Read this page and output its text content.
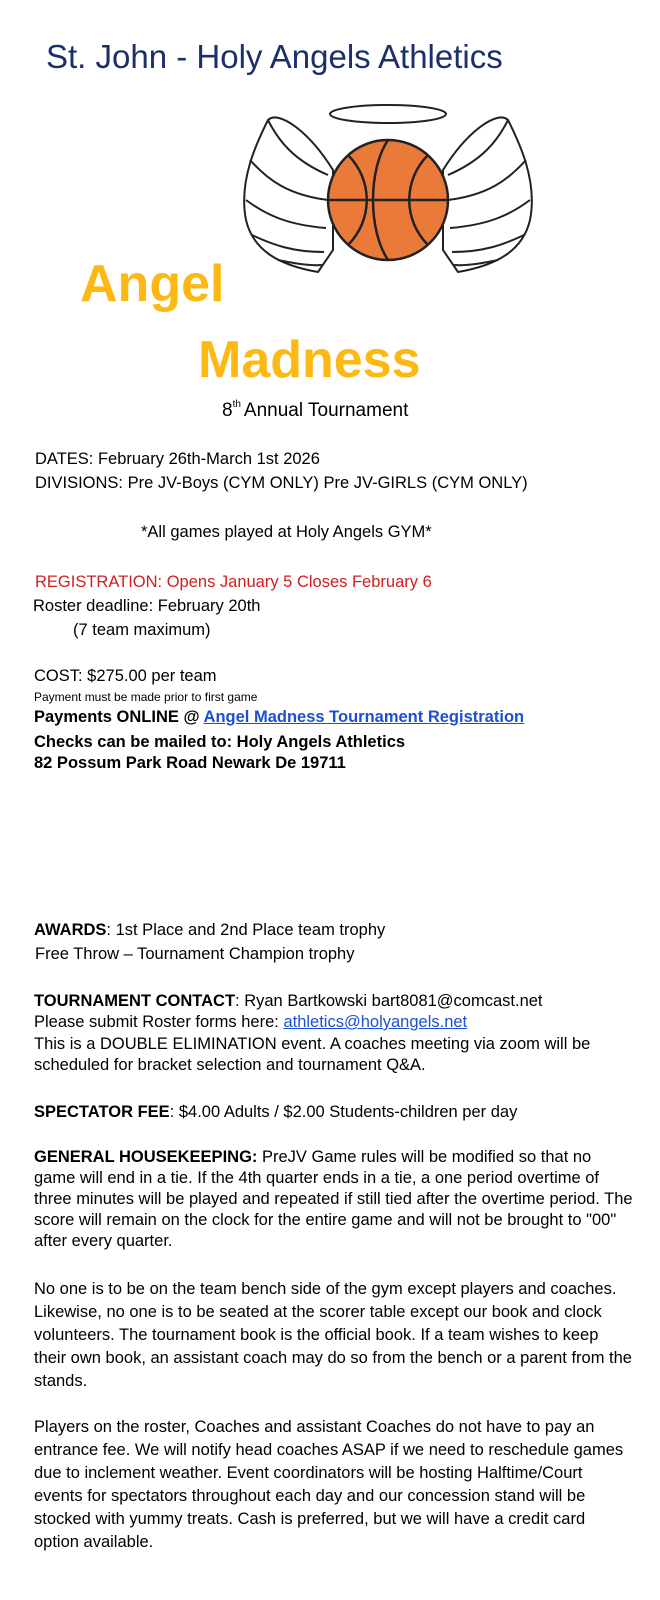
St. John - Holy Angels Athletics
Angel
Madness
8th Annual Tournament
DATES: February 26th-March 1st 2026
DIVISIONS: Pre JV-Boys (CYM ONLY) Pre JV-GIRLS (CYM ONLY)
*All games played at Holy Angels GYM*
REGISTRATION: Opens January 5 Closes February 6
Roster deadline: February 20th
(7 team maximum)
COST: $275.00 per team
Payment must be made prior to first game
Payments ONLINE @ Angel Madness Tournament Registration
Checks can be mailed to: Holy Angels Athletics
82 Possum Park Road Newark De 19711
AWARDS: 1st Place and 2nd Place team trophy
Free Throw – Tournament Champion trophy
TOURNAMENT CONTACT: Ryan Bartkowski bart8081@comcast.net
Please submit Roster forms here: athletics@holyangels.net
This is a DOUBLE ELIMINATION event. A coaches meeting via zoom will be scheduled for bracket selection and tournament Q&A.
SPECTATOR FEE: $4.00 Adults / $2.00 Students-children per day
GENERAL HOUSEKEEPING: PreJV Game rules will be modified so that no game will end in a tie. If the 4th quarter ends in a tie, a one period overtime of three minutes will be played and repeated if still tied after the overtime period. The score will remain on the clock for the entire game and will not be brought to "00" after every quarter.
No one is to be on the team bench side of the gym except players and coaches. Likewise, no one is to be seated at the scorer table except our book and clock volunteers. The tournament book is the official book. If a team wishes to keep their own book, an assistant coach may do so from the bench or a parent from the stands.
Players on the roster, Coaches and assistant Coaches do not have to pay an entrance fee. We will notify head coaches ASAP if we need to reschedule games due to inclement weather. Event coordinators will be hosting Halftime/Court events for spectators throughout each day and our concession stand will be stocked with yummy treats. Cash is preferred, but we will have a credit card option available.
